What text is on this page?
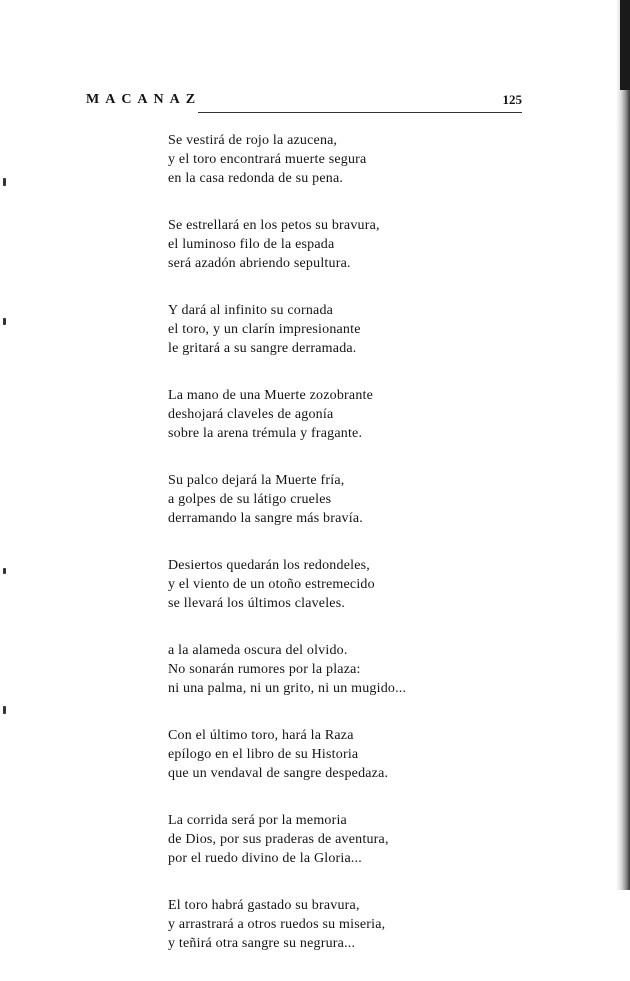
MACANAZ	125
Se vestirá de rojo la azucena,
y el toro encontrará muerte segura
en la casa redonda de su pena.
Se estrellará en los petos su bravura,
el luminoso filo de la espada
será azadón abriendo sepultura.
Y dará al infinito su cornada
el toro, y un clarín impresionante
le gritará a su sangre derramada.
La mano de una Muerte zozobrante
deshojará claveles de agonía
sobre la arena trémula y fragante.
Su palco dejará la Muerte fría,
a golpes de su látigo crueles
derramando la sangre más bravía.
Desiertos quedarán los redondeles,
y el viento de un otoño estremecido
se llevará los últimos claveles.
a la alameda oscura del olvido.
No sonarán rumores por la plaza:
ni una palma, ni un grito, ni un mugido...
Con el último toro, hará la Raza
epílogo en el libro de su Historia
que un vendaval de sangre despedaza.
La corrida será por la memoria
de Dios, por sus praderas de aventura,
por el ruedo divino de la Gloria...
El toro habrá gastado su bravura,
y arrastrará a otros ruedos su miseria,
y teñirá otra sangre su negrura...
